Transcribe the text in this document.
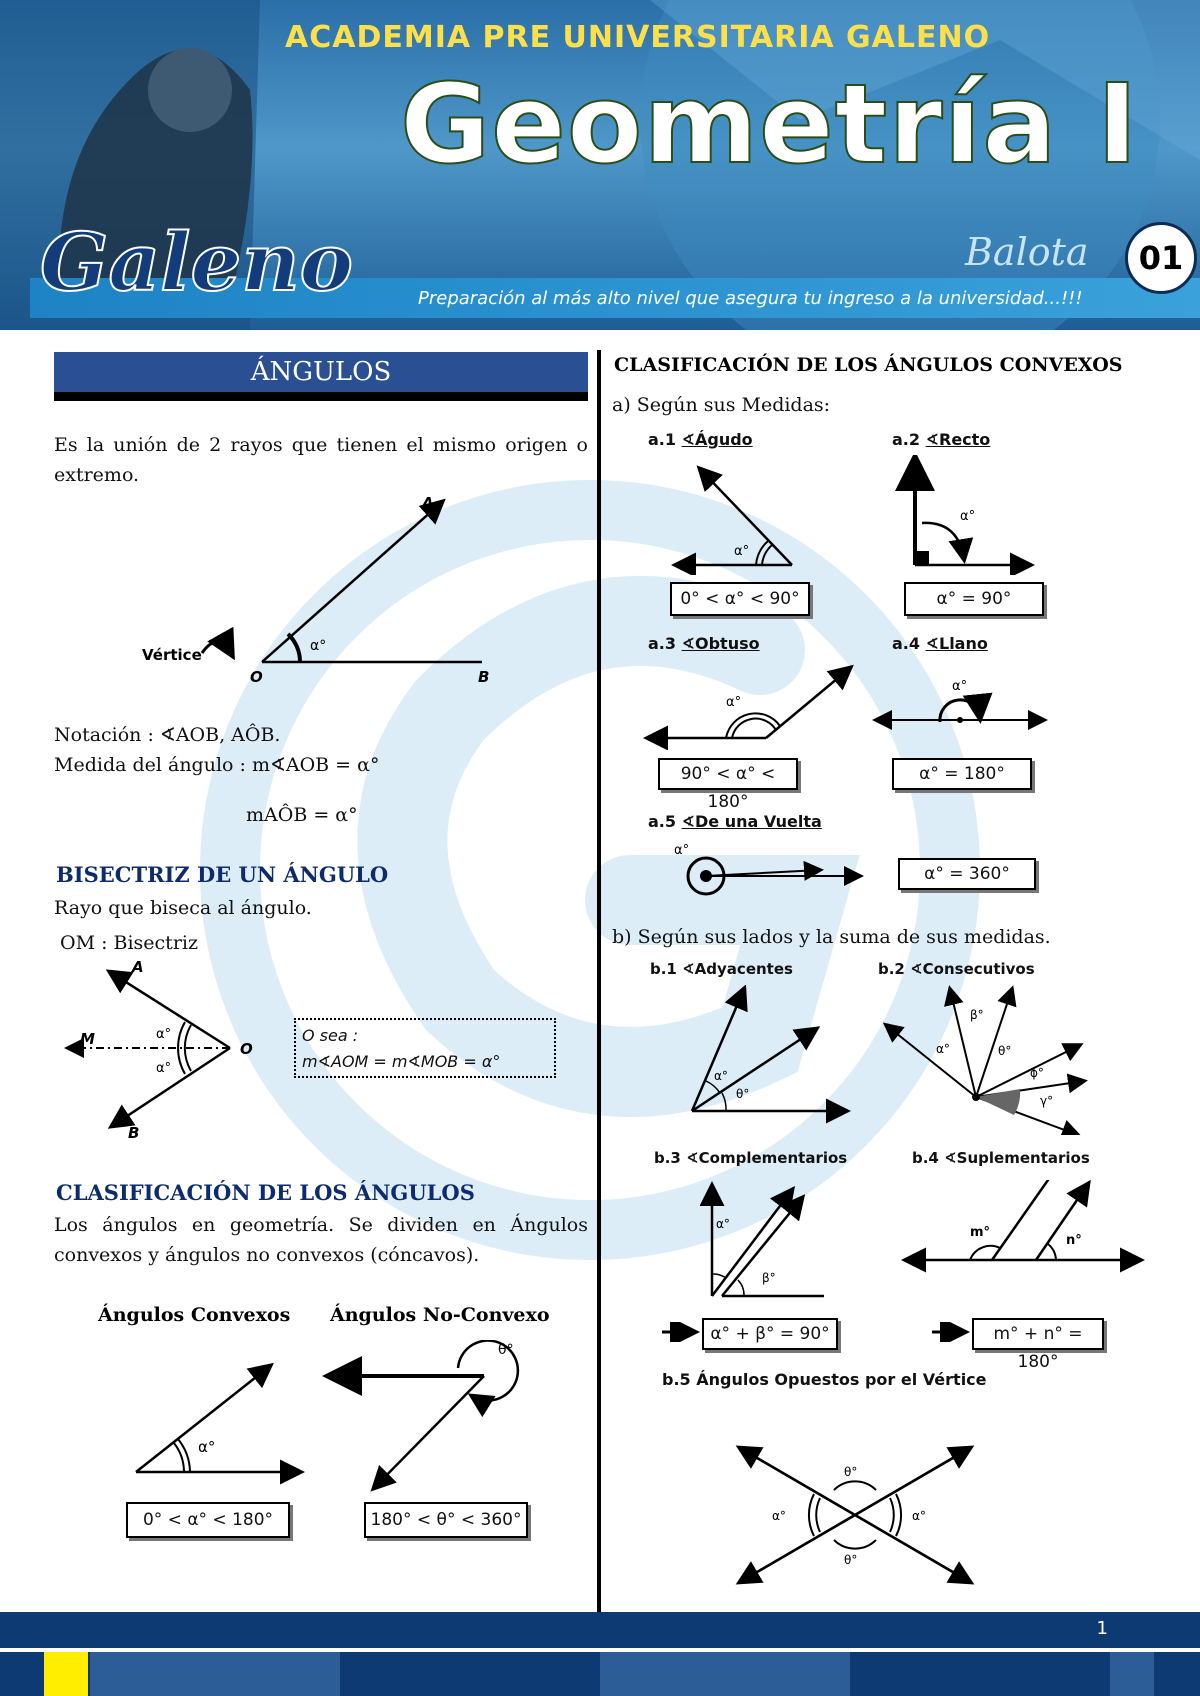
ACADEMIA PRE UNIVERSITARIA GALENO
Geometría I
Galeno	Balota	01
Preparación al más alto nivel que asegura tu ingreso a la universidad...!!!
ÁNGULOS
Es la unión de 2 rayos que tienen el mismo origen o extremo.
Vértice
A
O	B
α°
Notación : ∢AOB, AÔB.
Medida del ángulo : m∢AOB = α°
mAÔB = α°
BISECTRIZ DE UN ÁNGULO
Rayo que biseca al ángulo.
OM : Bisectriz
A
M
O
B
α°
α°
O sea :
m∢AOM = m∢MOB = α°
CLASIFICACIÓN DE LOS ÁNGULOS
Los ángulos en geometría. Se dividen en Ángulos convexos y ángulos no convexos (cóncavos).
Ángulos Convexos Ángulos No-Convexo
α°
θ°
0° < α° < 180°	180° < θ° < 360°
CLASIFICACIÓN DE LOS ÁNGULOS CONVEXOS
a) Según sus Medidas:
a.1 ∢Águdo	a.2 ∢Recto
α°
α°
0° < α° < 90°	α° = 90°
a.3 ∢Obtuso	a.4 ∢Llano
α°
α°
90° < α° < 180°
α° = 180°
a.5 ∢De una Vuelta
α°
α° = 360°
b) Según sus lados y la suma de sus medidas.
b.1 ∢Adyacentes	b.2 ∢Consecutivos
α°
θ°
α°
β°
θ°
ϕ°
γ°
b.3 ∢Complementarios	b.4 ∢Suplementarios
α°
β°
m°
n°
α° + β° = 90°	m° + n° = 180°
b.5 Ángulos Opuestos por el Vértice
θ°
θ°
α°	α°
1
